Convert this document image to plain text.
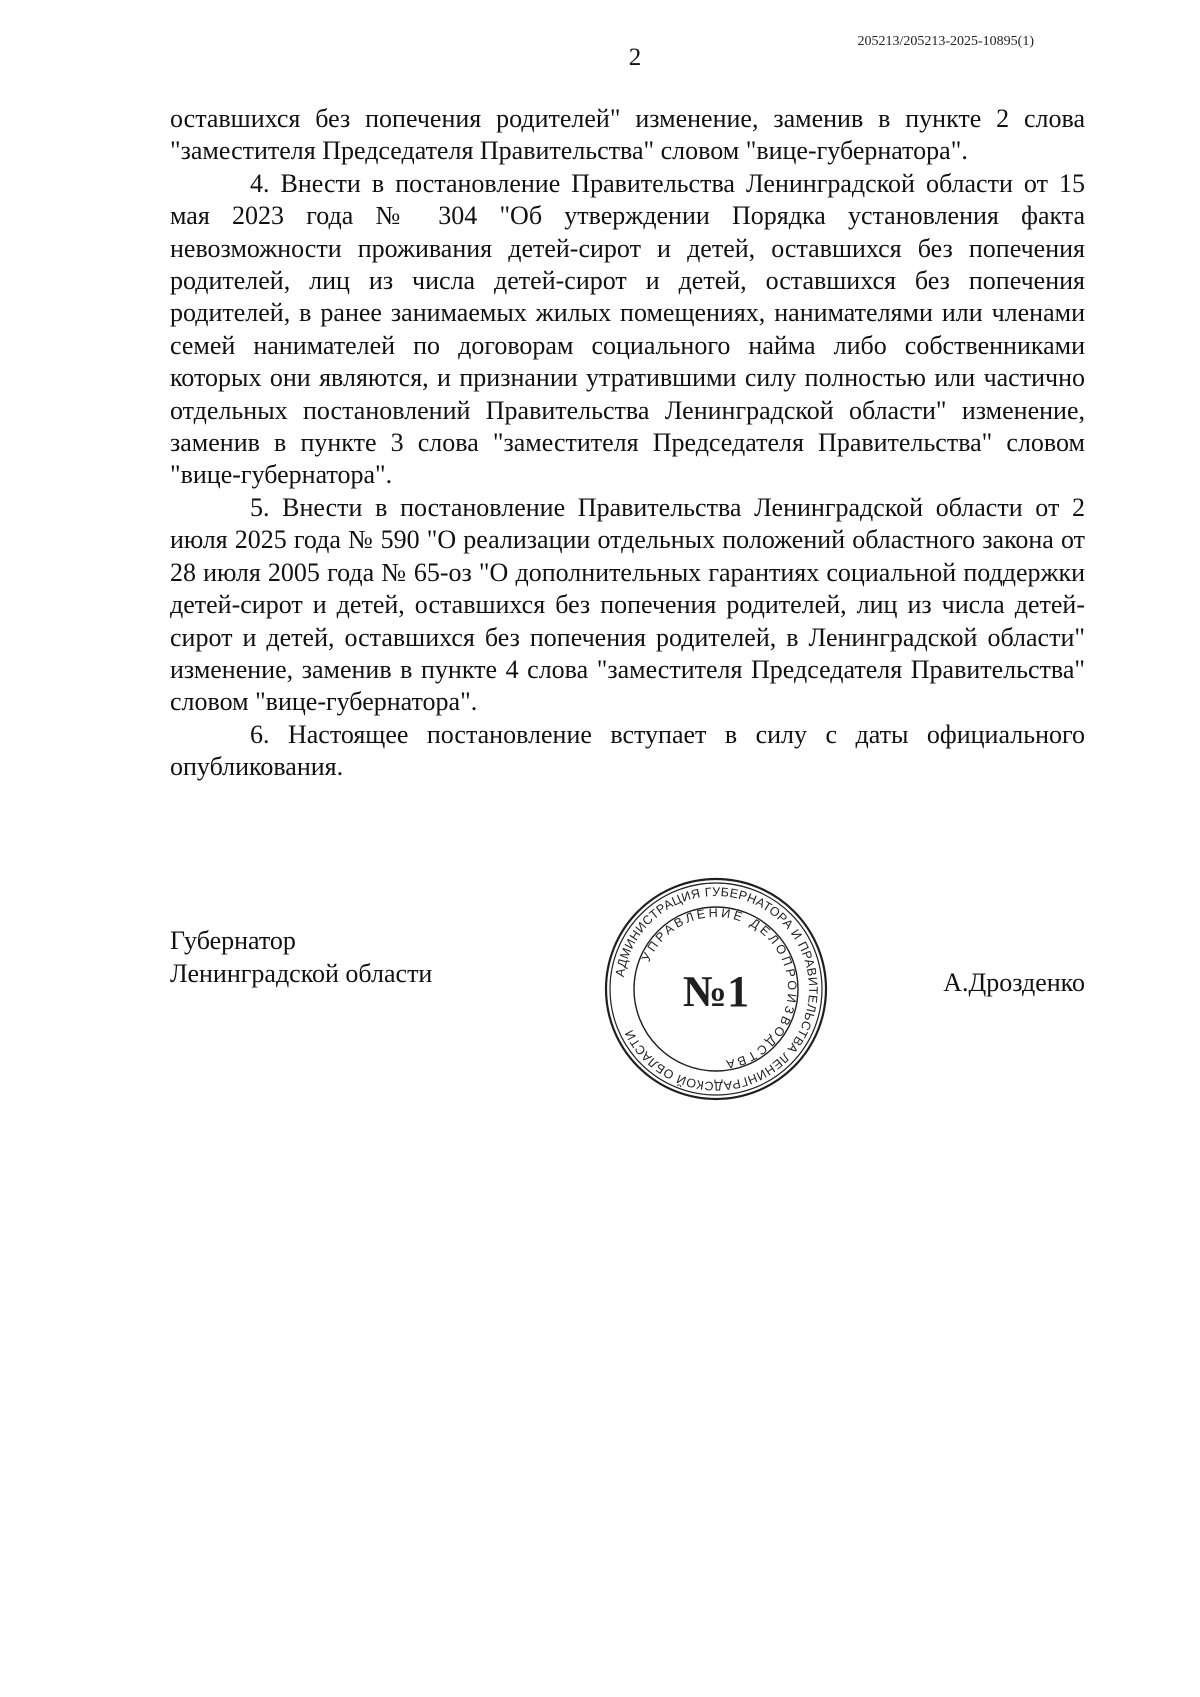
205213/205213-2025-10895(1)
2

оставшихся без попечения родителей" изменение, заменив в пункте 2 слова "заместителя Председателя Правительства" словом "вице-губернатора".

4. Внести в постановление Правительства Ленинградской области от 15 мая 2023 года № 304 "Об утверждении Порядка установления факта невозможности проживания детей-сирот и детей, оставшихся без попечения родителей, лиц из числа детей-сирот и детей, оставшихся без попечения родителей, в ранее занимаемых жилых помещениях, нанимателями или членами семей нанимателей по договорам социального найма либо собственниками которых они являются, и признании утратившими силу полностью или частично отдельных постановлений Правительства Ленинградской области" изменение, заменив в пункте 3 слова "заместителя Председателя Правительства" словом "вице-губернатора".

5. Внести в постановление Правительства Ленинградской области от 2 июля 2025 года № 590 "О реализации отдельных положений областного закона от 28 июля 2005 года № 65-оз "О дополнительных гарантиях социальной поддержки детей-сирот и детей, оставшихся без попечения родителей, лиц из числа детей-сирот и детей, оставшихся без попечения родителей, в Ленинградской области" изменение, заменив в пункте 4 слова "заместителя Председателя Правительства" словом "вице-губернатора".

6. Настоящее постановление вступает в силу с даты официального опубликования.

Губернатор
Ленинградской области	А.Дрозденко
АДМИНИСТРАЦИЯ ГУБЕРНАТОРА И ПРАВИТЕЛЬСТВА ЛЕНИНГРАДСКОЙ ОБЛАСТИ
УПРАВЛЕНИЕ ДЕЛОПРОИЗВОДСТВА
№1
